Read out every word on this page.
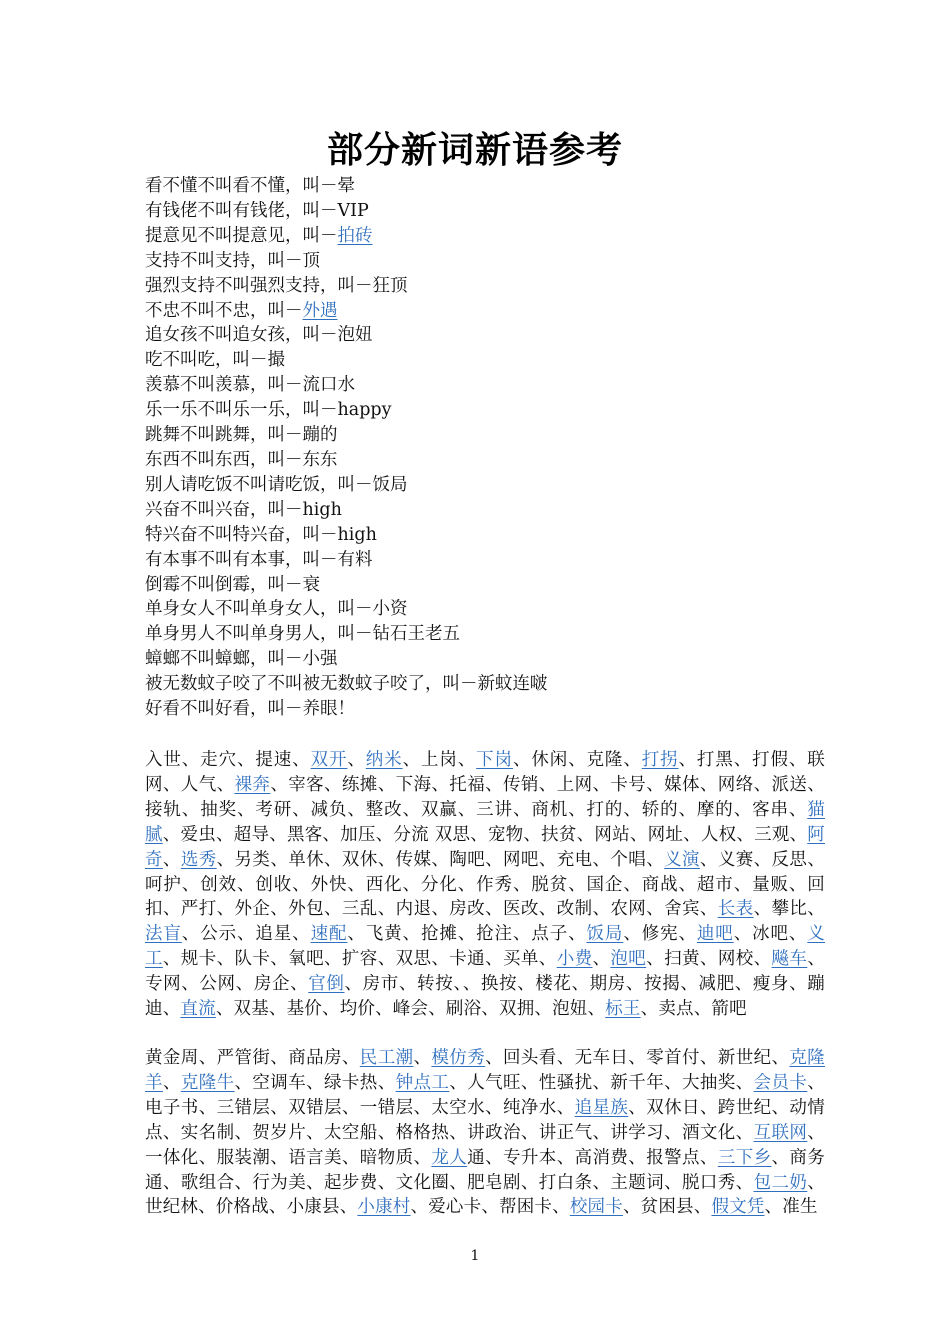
部分新词新语参考
看不懂不叫看不懂，叫－晕
有钱佬不叫有钱佬，叫－VIP
提意见不叫提意见，叫－拍砖
支持不叫支持，叫－顶
强烈支持不叫强烈支持，叫－狂顶
不忠不叫不忠，叫－外遇
追女孩不叫追女孩，叫－泡妞
吃不叫吃，叫－撮
羡慕不叫羡慕，叫－流口水
乐一乐不叫乐一乐，叫－happy
跳舞不叫跳舞，叫－蹦的
东西不叫东西，叫－东东
别人请吃饭不叫请吃饭，叫－饭局
兴奋不叫兴奋，叫－high
特兴奋不叫特兴奋，叫－high
有本事不叫有本事，叫－有料
倒霉不叫倒霉，叫－衰
单身女人不叫单身女人，叫－小资
单身男人不叫单身男人，叫－钻石王老五
蟑螂不叫蟑螂，叫－小强
被无数蚊子咬了不叫被无数蚊子咬了，叫－新蚊连啵
好看不叫好看，叫－养眼！
入世、走穴、提速、双开、纳米、上岗、下岗、休闲、克隆、打拐、打黑、打假、联网、人气、裸奔、宰客、练摊、下海、托福、传销、上网、卡号、媒体、网络、派送、接轨、抽奖、考研、减负、整改、双赢、三讲、商机、打的、轿的、摩的、客串、猫腻、爱虫、超导、黑客、加压、分流 双思、宠物、扶贫、网站、网址、人权、三观、阿奇、选秀、另类、单休、双休、传媒、陶吧、网吧、充电、个唱、义演、义赛、反思、呵护、创效、创收、外快、西化、分化、作秀、脱贫、国企、商战、超市、量贩、回扣、严打、外企、外包、三乱、内退、房改、医改、改制、农网、舍宾、长表、攀比、法盲、公示、追星、速配、飞黄、抢摊、抢注、点子、饭局、修宪、迪吧、冰吧、义工、规卡、队卡、氧吧、扩容、双思、卡通、买单、小费、泡吧、扫黄、网校、飚车、专网、公网、房企、官倒、房市、转按、、换按、楼花、期房、按揭、减肥、瘦身、蹦迪、直流、双基、基价、均价、峰会、刷浴、双拥、泡妞、标王、卖点、箭吧
黄金周、严管街、商品房、民工潮、模仿秀、回头看、无车日、零首付、新世纪、克隆羊、克隆牛、空调车、绿卡热、钟点工、人气旺、性骚扰、新千年、大抽奖、会员卡、电子书、三错层、双错层、一错层、太空水、纯净水、追星族、双休日、跨世纪、动情点、实名制、贺岁片、太空船、格格热、讲政治、讲正气、讲学习、酒文化、互联网、一体化、服装潮、语言美、暗物质、龙人通、专升本、高消费、报警点、三下乡、商务通、歌组合、行为美、起步费、文化圈、肥皂剧、打白条、主题词、脱口秀、包二奶、世纪林、价格战、小康县、小康村、爱心卡、帮困卡、校园卡、贫困县、假文凭、准生
1
